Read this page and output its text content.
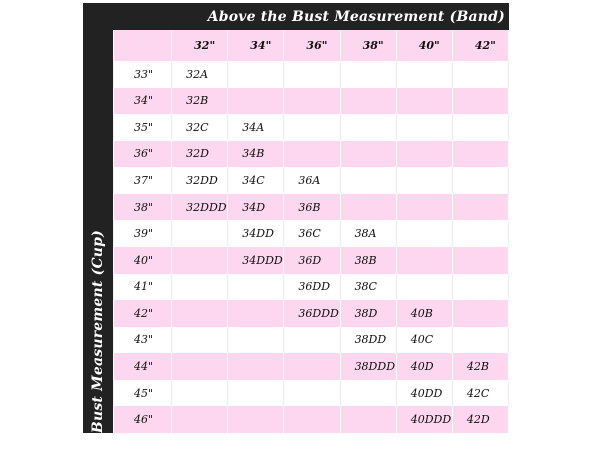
Above the Bust Measurement (Band)
Bust Measurement (Cup)
	32"	34"	36"	38"	40"	42"
33"	32A					
34"	32B					
35"	32C	34A				
36"	32D	34B				
37"	32DD	34C	36A			
38"	32DDD	34D	36B			
39"		34DD	36C	38A		
40"		34DDD	36D	38B		
41"			36DD	38C		
42"			36DDD	38D	40B	
43"				38DD	40C	
44"				38DDD	40D	42B
45"					40DD	42C
46"					40DDD	42D
